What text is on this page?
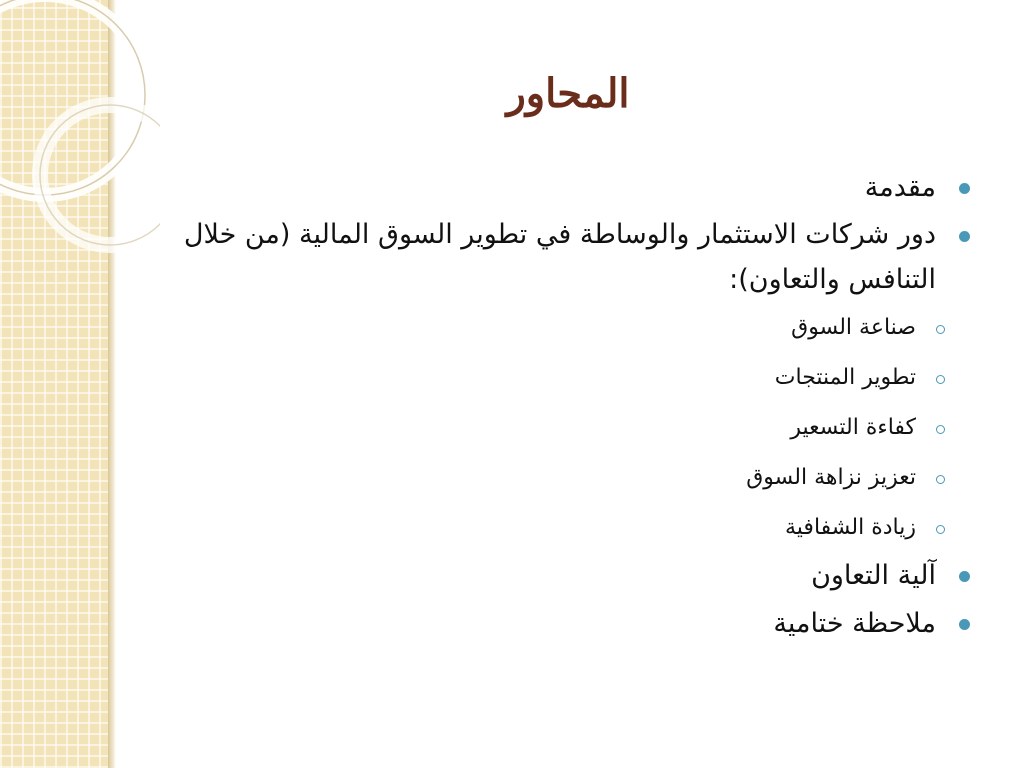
المحاور
مقدمة
دور شركات الاستثمار والوساطة في تطوير السوق المالية (من خلال التنافس والتعاون):
صناعة السوق
تطوير المنتجات
كفاءة التسعير
تعزيز نزاهة السوق
زيادة الشفافية
آلية التعاون
ملاحظة ختامية
